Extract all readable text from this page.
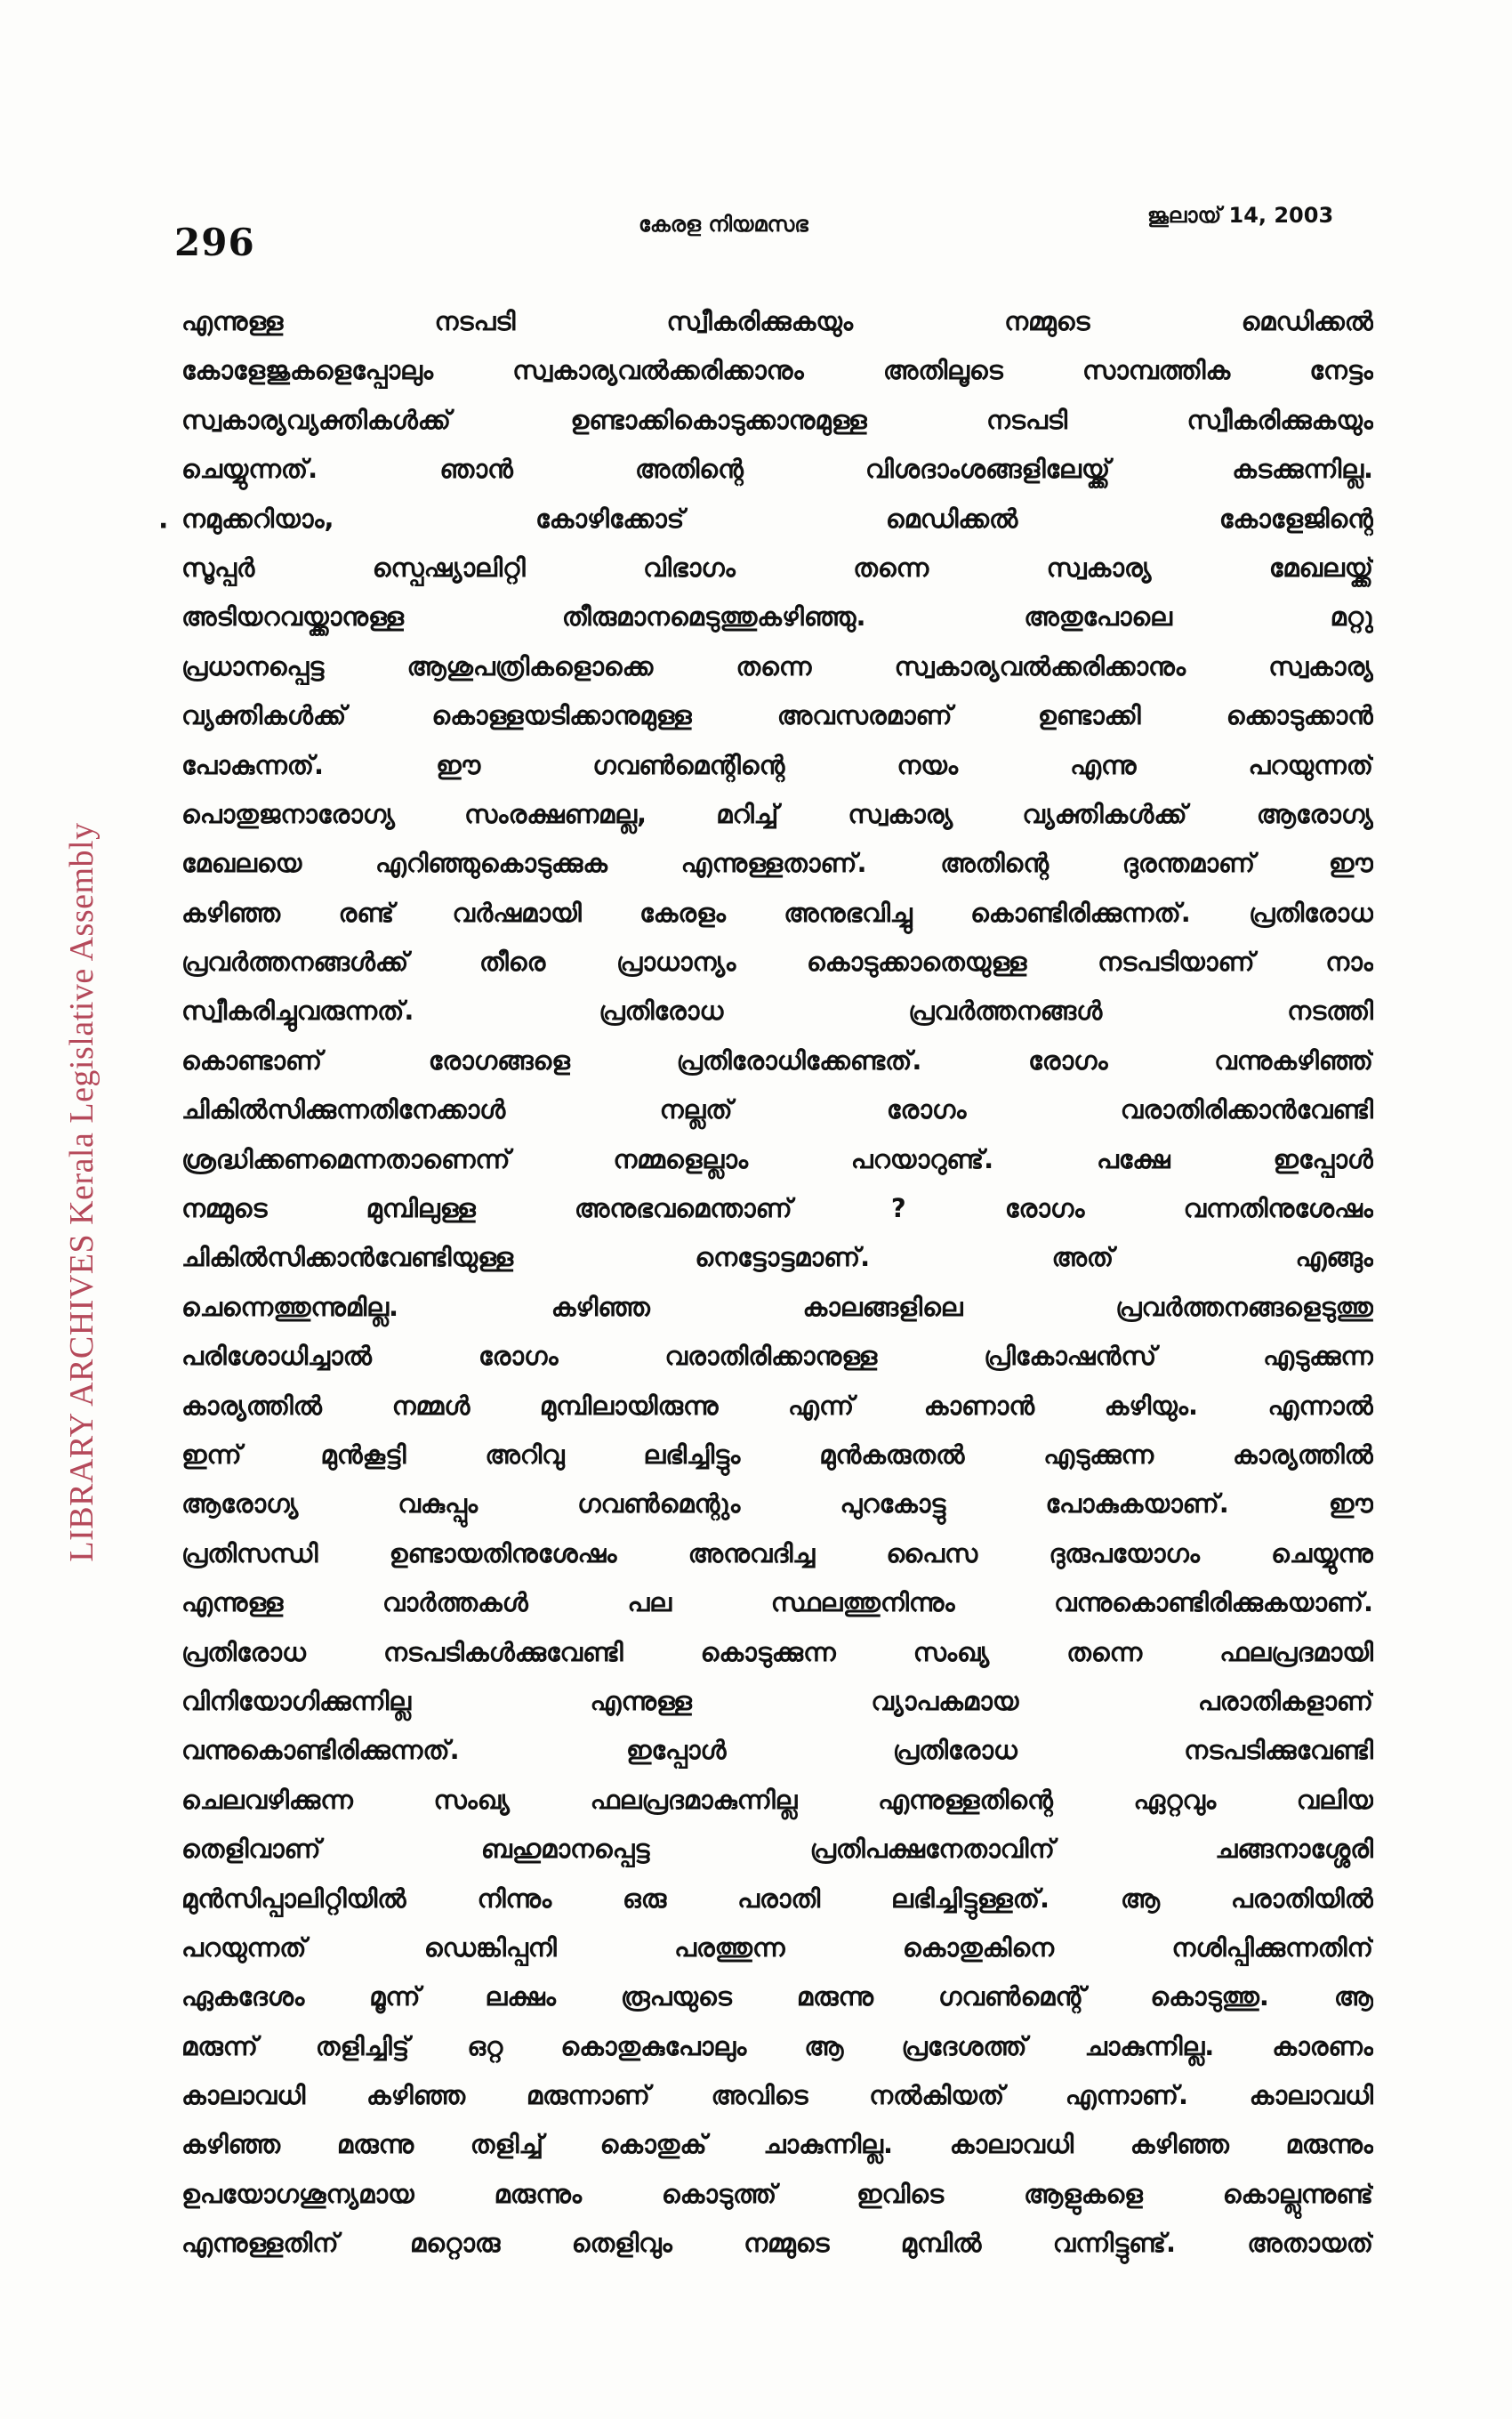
296	കേരള നിയമസഭ	ജൂലായ് 14, 2003
LIBRARY ARCHIVES Kerala Legislative Assembly
·
എന്നുള്ള നടപടി സ്വീകരിക്കുകയും നമ്മുടെ മെഡിക്കൽ
കോളേജുകളെപ്പോലും സ്വകാര്യവൽക്കരിക്കാനും അതിലൂടെ സാമ്പത്തിക നേട്ടം
സ്വകാര്യവ്യക്തികൾക്ക് ഉണ്ടാക്കികൊടുക്കാനുമുള്ള നടപടി സ്വീകരിക്കുകയും
ചെയ്യുന്നത്. ഞാൻ അതിന്റെ വിശദാംശങ്ങളിലേയ്ക്ക് കടക്കുന്നില്ല.
നമുക്കറിയാം, കോഴിക്കോട് മെഡിക്കൽ കോളേജിന്റെ
സൂപ്പർ സ്പെഷ്യാലിറ്റി വിഭാഗം തന്നെ സ്വകാര്യ മേഖലയ്ക്ക്
അടിയറവയ്ക്കാനുള്ള തീരുമാനമെടുത്തുകഴിഞ്ഞു. അതുപോലെ മറ്റു
പ്രധാനപ്പെട്ട ആശുപത്രികളൊക്കെ തന്നെ സ്വകാര്യവൽക്കരിക്കാനും സ്വകാര്യ
വ്യക്തികൾക്ക് കൊള്ളയടിക്കാനുമുള്ള അവസരമാണ് ഉണ്ടാക്കി ക്കൊടുക്കാൻ
പോകുന്നത്. ഈ ഗവൺമെന്റിന്റെ നയം എന്നു പറയുന്നത്
പൊതുജനാരോഗ്യ സംരക്ഷണമല്ല, മറിച്ച് സ്വകാര്യ വ്യക്തികൾക്ക് ആരോഗ്യ
മേഖലയെ എറിഞ്ഞുകൊടുക്കുക എന്നുള്ളതാണ്. അതിന്റെ ദുരന്തമാണ് ഈ
കഴിഞ്ഞ രണ്ട് വർഷമായി കേരളം അനുഭവിച്ചു കൊണ്ടിരിക്കുന്നത്. പ്രതിരോധ
പ്രവർത്തനങ്ങൾക്ക് തീരെ പ്രാധാന്യം കൊടുക്കാതെയുള്ള നടപടിയാണ് നാം
സ്വീകരിച്ചുവരുന്നത്. പ്രതിരോധ പ്രവർത്തനങ്ങൾ നടത്തി
കൊണ്ടാണ് രോഗങ്ങളെ പ്രതിരോധിക്കേണ്ടത്. രോഗം വന്നുകഴിഞ്ഞ്
ചികിൽസിക്കുന്നതിനേക്കാൾ നല്ലത് രോഗം വരാതിരിക്കാൻവേണ്ടി
ശ്രദ്ധിക്കണമെന്നതാണെന്ന് നമ്മളെല്ലാം പറയാറുണ്ട്. പക്ഷേ ഇപ്പോൾ
നമ്മുടെ മുമ്പിലുള്ള അനുഭവമെന്താണ് ? രോഗം വന്നതിനുശേഷം
ചികിൽസിക്കാൻവേണ്ടിയുള്ള നെട്ടോട്ടമാണ്. അത് എങ്ങും
ചെന്നെത്തുന്നുമില്ല. കഴിഞ്ഞ കാലങ്ങളിലെ പ്രവർത്തനങ്ങളെടുത്തു
പരിശോധിച്ചാൽ രോഗം വരാതിരിക്കാനുള്ള പ്രികോഷൻസ് എടുക്കുന്ന
കാര്യത്തിൽ നമ്മൾ മുമ്പിലായിരുന്നു എന്ന് കാണാൻ കഴിയും. എന്നാൽ
ഇന്ന് മുൻകൂട്ടി അറിവു ലഭിച്ചിട്ടും മുൻകരുതൽ എടുക്കുന്ന കാര്യത്തിൽ
ആരോഗ്യ വകുപ്പും ഗവൺമെന്റും പുറകോട്ടു പോകുകയാണ്. ഈ
പ്രതിസന്ധി ഉണ്ടായതിനുശേഷം അനുവദിച്ച പൈസ ദുരുപയോഗം ചെയ്യുന്നു
എന്നുള്ള വാർത്തകൾ പല സ്ഥലത്തുനിന്നും വന്നുകൊണ്ടിരിക്കുകയാണ്.
പ്രതിരോധ നടപടികൾക്കുവേണ്ടി കൊടുക്കുന്ന സംഖ്യ തന്നെ ഫലപ്രദമായി
വിനിയോഗിക്കുന്നില്ല എന്നുള്ള വ്യാപകമായ പരാതികളാണ്
വന്നുകൊണ്ടിരിക്കുന്നത്. ഇപ്പോൾ പ്രതിരോധ നടപടിക്കുവേണ്ടി
ചെലവഴിക്കുന്ന സംഖ്യ ഫലപ്രദമാകുന്നില്ല എന്നുള്ളതിന്റെ ഏറ്റവും വലിയ
തെളിവാണ് ബഹുമാനപ്പെട്ട പ്രതിപക്ഷനേതാവിന് ചങ്ങനാശ്ശേരി
മുൻസിപ്പാലിറ്റിയിൽ നിന്നും ഒരു പരാതി ലഭിച്ചിട്ടുള്ളത്. ആ പരാതിയിൽ
പറയുന്നത് ഡെങ്കിപ്പനി പരത്തുന്ന കൊതുകിനെ നശിപ്പിക്കുന്നതിന്
ഏകദേശം മൂന്ന് ലക്ഷം രൂപയുടെ മരുന്നു ഗവൺമെന്റ് കൊടുത്തു. ആ
മരുന്ന് തളിച്ചിട്ട് ഒറ്റ കൊതുകുപോലും ആ പ്രദേശത്ത് ചാകുന്നില്ല. കാരണം
കാലാവധി കഴിഞ്ഞ മരുന്നാണ് അവിടെ നൽകിയത് എന്നാണ്. കാലാവധി
കഴിഞ്ഞ മരുന്നു തളിച്ച് കൊതുക് ചാകുന്നില്ല. കാലാവധി കഴിഞ്ഞ മരുന്നും
ഉപയോഗശൂന്യമായ മരുന്നും കൊടുത്ത് ഇവിടെ ആളുകളെ കൊല്ലുന്നുണ്ട്
എന്നുള്ളതിന് മറ്റൊരു തെളിവും നമ്മുടെ മുമ്പിൽ വന്നിട്ടുണ്ട്. അതായത്
